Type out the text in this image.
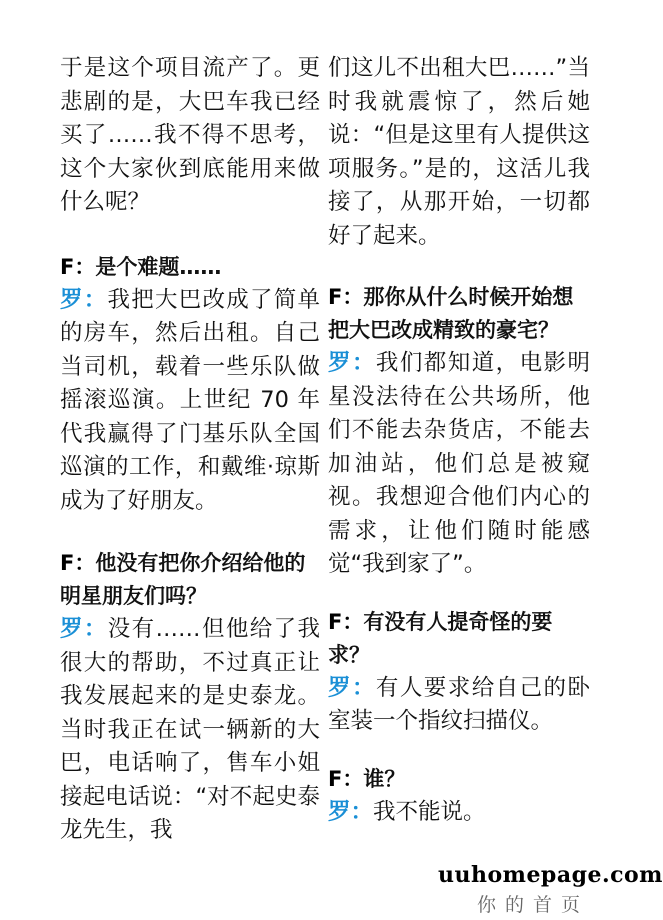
于是这个项目流产了。更悲剧的是，大巴车我已经买了……我不得不思考，这个大家伙到底能用来做什么呢？

F：是个难题……

罗：我把大巴改成了简单的房车，然后出租。自己当司机，载着一些乐队做摇滚巡演。上世纪 70 年代我赢得了门基乐队全国巡演的工作，和戴维·琼斯成为了好朋友。

F：他没有把你介绍给他的明星朋友们吗？

罗：没有……但他给了我很大的帮助，不过真正让我发展起来的是史泰龙。当时我正在试一辆新的大巴，电话响了，售车小姐接起电话说：“对不起史泰龙先生，我

们这儿不出租大巴……”当时我就震惊了，然后她说：“但是这里有人提供这项服务。”是的，这活儿我接了，从那开始，一切都好了起来。

F：那你从什么时候开始想把大巴改成精致的豪宅？

罗：我们都知道，电影明星没法待在公共场所，他们不能去杂货店，不能去加油站，他们总是被窥视。我想迎合他们内心的需求，让他们随时能感觉“我到家了”。

F：有没有人提奇怪的要求？

罗：有人要求给自己的卧室装一个指纹扫描仪。

F：谁？

罗：我不能说。

uuhomepage.com
你的首页
